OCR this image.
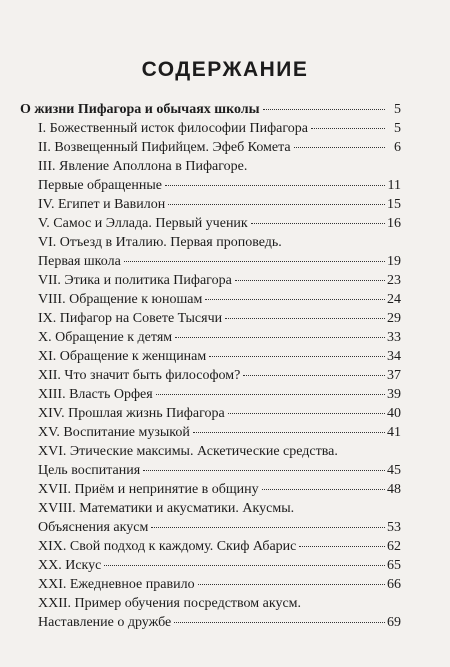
СОДЕРЖАНИЕ
О жизни Пифагора и обычаях школы	5
I. Божественный исток философии Пифагора	5
II. Возвещенный Пифийцем. Эфеб Комета	6
III. Явление Аполлона в Пифагоре.
Первые обращенные	11
IV. Египет и Вавилон	15
V. Самос и Эллада. Первый ученик	16
VI. Отъезд в Италию. Первая проповедь.
Первая школа	19
VII. Этика и политика Пифагора	23
VIII. Обращение к юношам	24
IX. Пифагор на Совете Тысячи	29
X. Обращение к детям	33
XI. Обращение к женщинам	34
XII. Что значит быть философом?	37
XIII. Власть Орфея	39
XIV. Прошлая жизнь Пифагора	40
XV. Воспитание музыкой	41
XVI. Этические максимы. Аскетические средства.
Цель воспитания	45
XVII. Приём и непринятие в общину	48
XVIII. Математики и акусматики. Акусмы.
Объяснения акусм	53
XIX. Свой подход к каждому. Скиф Абарис	62
XX. Искус	65
XXI. Ежедневное правило	66
XXII. Пример обучения посредством акусм.
Наставление о дружбе	69
